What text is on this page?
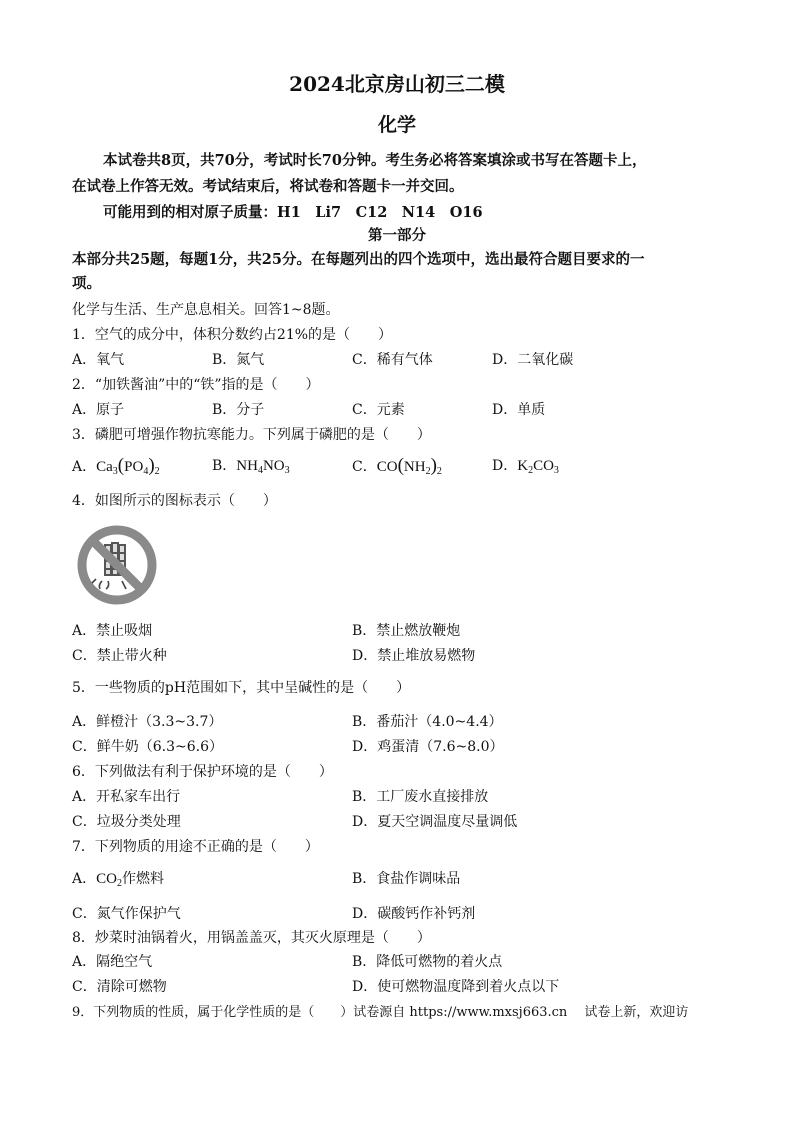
2024北京房山初三二模
化学
本试卷共8页，共70分，考试时长70分钟。考生务必将答案填涂或书写在答题卡上，
在试卷上作答无效。考试结束后，将试卷和答题卡一并交回。
可能用到的相对原子质量：H1　Li7　C12　N14　O16
第一部分
本部分共25题，每题1分，共25分。在每题列出的四个选项中，选出最符合题目要求的一
项。
化学与生活、生产息息相关。回答1~8题。
1．空气的成分中，体积分数约占21%的是（　　）
A．氧气	B．氮气	C．稀有气体	D．二氧化碳
2．“加铁酱油”中的“铁”指的是（　　）
A．原子	B．分子	C．元素	D．单质
3．磷肥可增强作物抗寒能力。下列属于磷肥的是（　　）
A．$Ca_3(PO_4)_2$	B．$NH_4NO_3$	C．$CO(NH_2)_2$	D．$K_2CO_3$
4．如图所示的图标表示（　　）
A．禁止吸烟	B．禁止燃放鞭炮
C．禁止带火种	D．禁止堆放易燃物
5．一些物质的pH范围如下，其中呈碱性的是（　　）
A．鲜橙汁（3.3~3.7）	B．番茄汁（4.0~4.4）
C．鲜牛奶（6.3~6.6）	D．鸡蛋清（7.6~8.0）
6．下列做法有利于保护环境的是（　　）
A．开私家车出行	B．工厂废水直接排放
C．垃圾分类处理	D．夏天空调温度尽量调低
7．下列物质的用途不正确的是（　　）
A．$CO_2$作燃料	B．食盐作调味品
C．氮气作保护气	D．碳酸钙作补钙剂
8．炒菜时油锅着火，用锅盖盖灭，其灭火原理是（　　）
A．隔绝空气	B．降低可燃物的着火点
C．清除可燃物	D．使可燃物温度降到着火点以下
9．下列物质的性质，属于化学性质的是（　　）试卷源自 https://www.mxsj663.cn　 试卷上新，欢迎访
